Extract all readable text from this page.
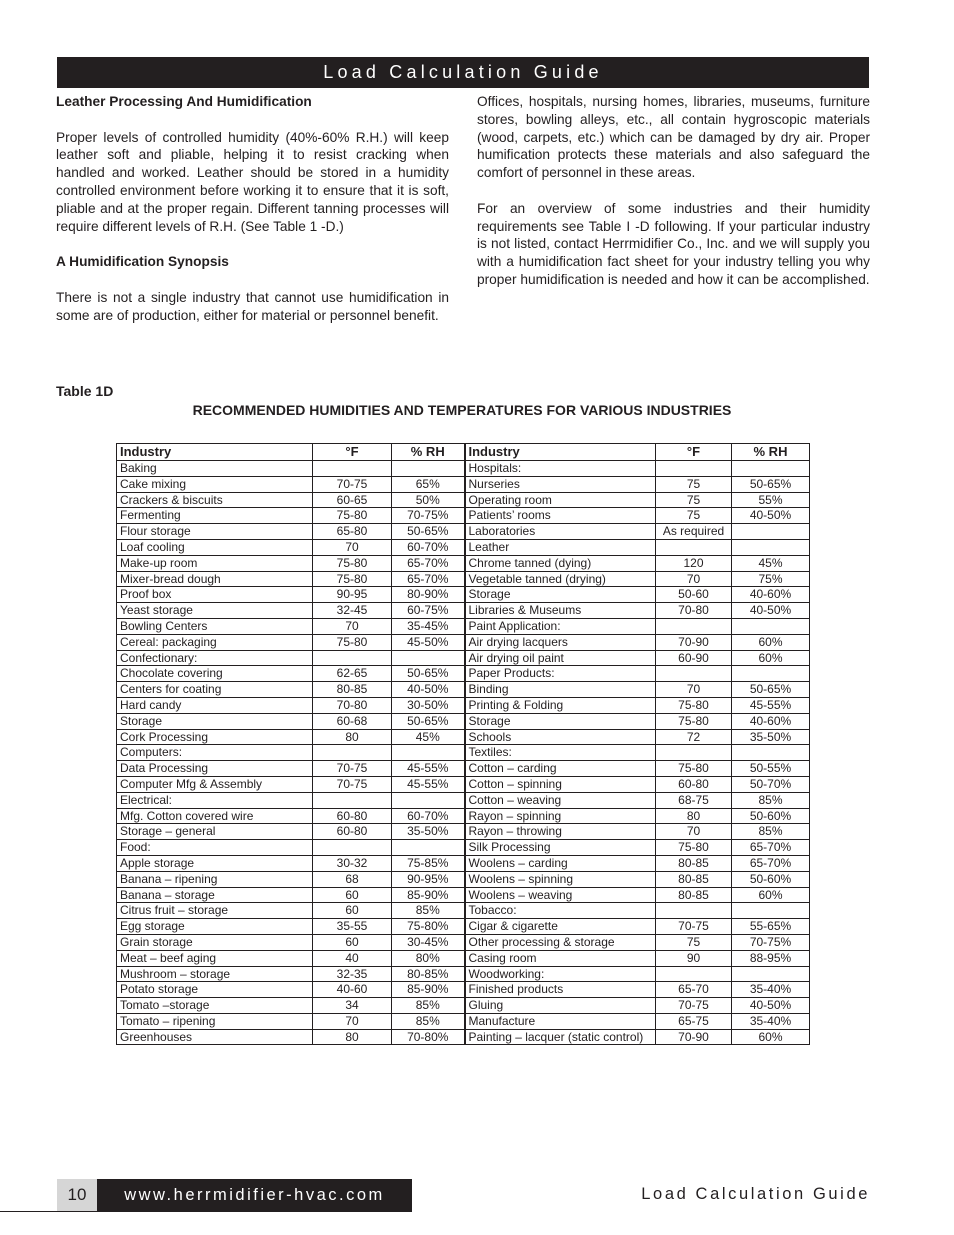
Load Calculation Guide
Leather Processing And Humidification

Proper levels of controlled humidity (40%-60% R.H.) will keep leather soft and pliable, helping it to resist cracking when handled and worked. Leather should be stored in a humidity controlled environment before working it to ensure that it is soft, pliable and at the proper regain. Different tanning processes will require different levels of R.H. (See Table 1 -D.)

A Humidification Synopsis

There is not a single industry that cannot use humidification in some are of production, either for material or personnel benefit.

Offices, hospitals, nursing homes, libraries, museums, furniture stores, bowling alleys, etc., all contain hygroscopic materials (wood, carpets, etc.) which can be damaged by dry air. Proper humification protects these materials and also safeguard the comfort of personnel in these areas.

For an overview of some industries and their humidity requirements see Table I -D following. If your particular industry is not listed, contact Herrmidifier Co., Inc. and we will supply you with a humidification fact sheet for your industry telling you why proper humidification is needed and how it can be accomplished.

Table 1D
RECOMMENDED HUMIDITIES AND TEMPERATURES FOR VARIOUS INDUSTRIES
Industry	°F	% RH	Industry	°F	% RH
Baking			Hospitals:		
Cake mixing	70-75	65%	Nurseries	75	50-65%
Crackers & biscuits	60-65	50%	Operating room	75	55%
Fermenting	75-80	70-75%	Patients’ rooms	75	40-50%
Flour storage	65-80	50-65%	Laboratories	As required	
Loaf cooling	70	60-70%	Leather		
Make-up room	75-80	65-70%	Chrome tanned (dying)	120	45%
Mixer-bread dough	75-80	65-70%	Vegetable tanned (drying)	70	75%
Proof box	90-95	80-90%	Storage	50-60	40-60%
Yeast storage	32-45	60-75%	Libraries & Museums	70-80	40-50%
Bowling Centers	70	35-45%	Paint Application:		
Cereal: packaging	75-80	45-50%	Air drying lacquers	70-90	60%
Confectionary:			Air drying oil paint	60-90	60%
Chocolate covering	62-65	50-65%	Paper Products:		
Centers for coating	80-85	40-50%	Binding	70	50-65%
Hard candy	70-80	30-50%	Printing & Folding	75-80	45-55%
Storage	60-68	50-65%	Storage	75-80	40-60%
Cork Processing	80	45%	Schools	72	35-50%
Computers:			Textiles:		
Data Processing	70-75	45-55%	Cotton – carding	75-80	50-55%
Computer Mfg & Assembly	70-75	45-55%	Cotton – spinning	60-80	50-70%
Electrical:			Cotton – weaving	68-75	85%
Mfg. Cotton covered wire	60-80	60-70%	Rayon – spinning	80	50-60%
Storage – general	60-80	35-50%	Rayon – throwing	70	85%
Food:			Silk Processing	75-80	65-70%
Apple storage	30-32	75-85%	Woolens – carding	80-85	65-70%
Banana – ripening	68	90-95%	Woolens – spinning	80-85	50-60%
Banana – storage	60	85-90%	Woolens – weaving	80-85	60%
Citrus fruit – storage	60	85%	Tobacco:		
Egg storage	35-55	75-80%	Cigar & cigarette	70-75	55-65%
Grain storage	60	30-45%	Other processing & storage	75	70-75%
Meat – beef aging	40	80%	Casing room	90	88-95%
Mushroom – storage	32-35	80-85%	Woodworking:		
Potato storage	40-60	85-90%	Finished products	65-70	35-40%
Tomato –storage	34	85%	Gluing	70-75	40-50%
Tomato – ripening	70	85%	Manufacture	65-75	35-40%
Greenhouses	80	70-80%	Painting – lacquer (static control)	70-90	60%
10	www.herrmidifier-hvac.com	Load Calculation Guide
